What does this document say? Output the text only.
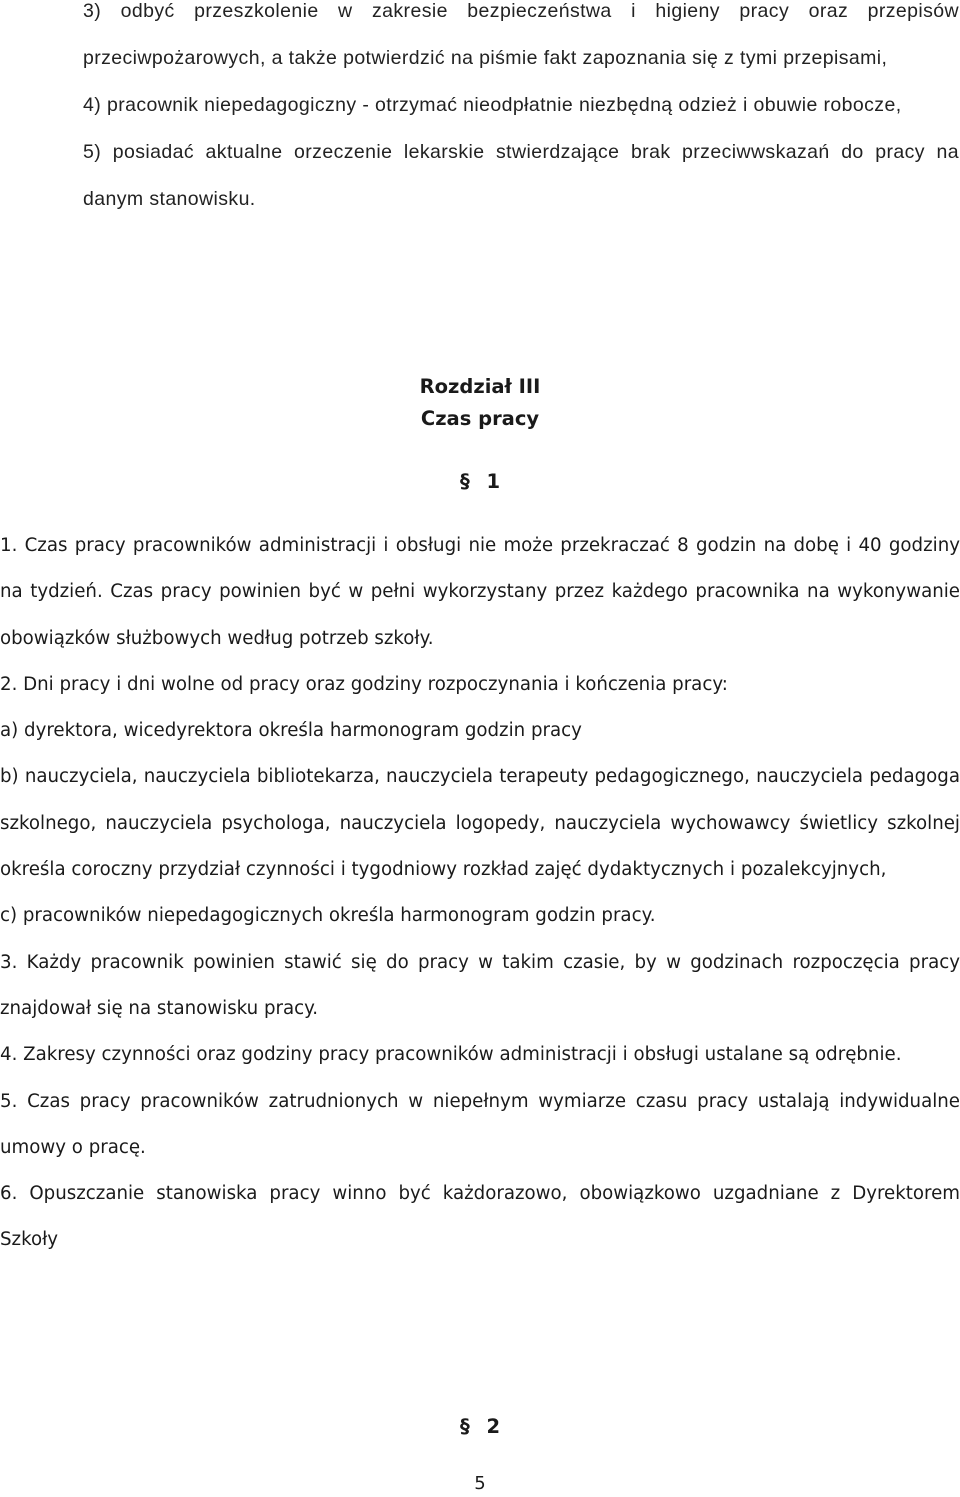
3) odbyć przeszkolenie w zakresie bezpieczeństwa i higieny pracy oraz przepisów przeciwpożarowych, a także potwierdzić na piśmie fakt zapoznania się z tymi przepisami,

4) pracownik niepedagogiczny - otrzymać nieodpłatnie niezbędną odzież i obuwie robocze,

5) posiadać aktualne orzeczenie lekarskie stwierdzające brak przeciwwskazań do pracy na danym stanowisku.

Rozdział III
Czas pracy
§ 1

1. Czas pracy pracowników administracji i obsługi nie może przekraczać 8 godzin na dobę i 40 godziny na tydzień. Czas pracy powinien być w pełni wykorzystany przez każdego pracownika na wykonywanie obowiązków służbowych według potrzeb szkoły.

2. Dni pracy i dni wolne od pracy oraz godziny rozpoczynania i kończenia pracy:

a) dyrektora, wicedyrektora określa harmonogram godzin pracy

b) nauczyciela, nauczyciela bibliotekarza, nauczyciela terapeuty pedagogicznego, nauczyciela pedagoga szkolnego, nauczyciela psychologa, nauczyciela logopedy, nauczyciela wychowawcy świetlicy szkolnej określa coroczny przydział czynności i tygodniowy rozkład zajęć dydaktycznych i pozalekcyjnych,

c) pracowników niepedagogicznych określa harmonogram godzin pracy.

3. Każdy pracownik powinien stawić się do pracy w takim czasie, by w godzinach rozpoczęcia pracy znajdował się na stanowisku pracy.

4. Zakresy czynności oraz godziny pracy pracowników administracji i obsługi ustalane są odrębnie.

5. Czas pracy pracowników zatrudnionych w niepełnym wymiarze czasu pracy ustalają indywidualne umowy o pracę.

6. Opuszczanie stanowiska pracy winno być każdorazowo, obowiązkowo uzgadniane z Dyrektorem Szkoły

§ 2
5
